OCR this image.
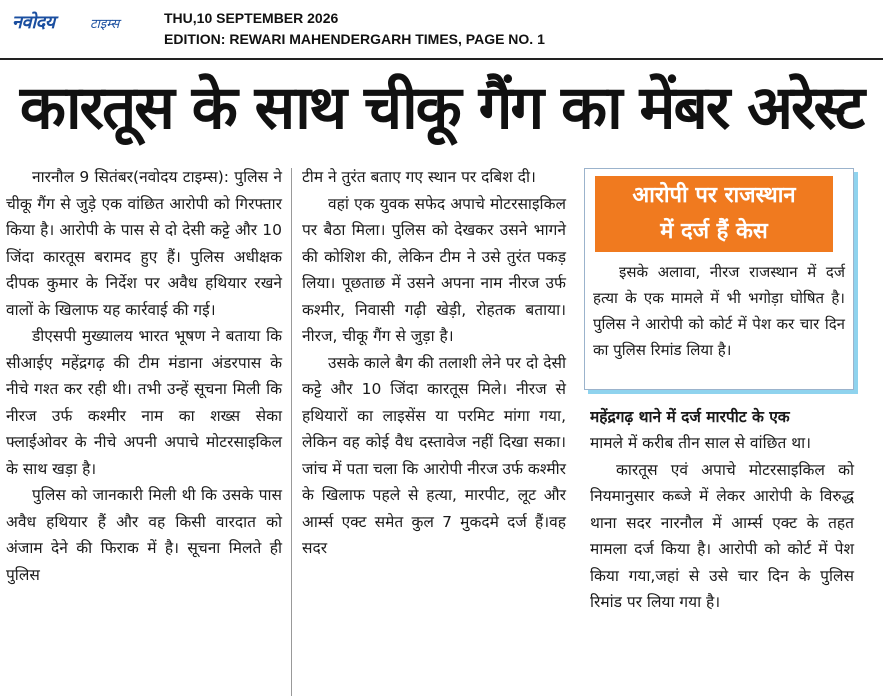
नवोदय	टाइम्स	THU,10 SEPTEMBER 2026
EDITION: REWARI MAHENDERGARH TIMES, PAGE NO. 1
कारतूस के साथ चीकू गैंग का मेंबर अरेस्ट

नारनौल 9 सितंबर(नवोदय टाइम्स): पुलिस ने चीकू गैंग से जुड़े एक वांछित आरोपी को गिरफ्तार किया है। आरोपी के पास से दो देसी कट्टे और 10 जिंदा कारतूस बरामद हुए हैं। पुलिस अधीक्षक दीपक कुमार के निर्देश पर अवैध हथियार रखने वालों के खिलाफ यह कार्रवाई की गई।

डीएसपी मुख्यालय भारत भूषण ने बताया कि सीआईए महेंद्रगढ़ की टीम मंडाना अंडरपास के नीचे गश्त कर रही थी। तभी उन्हें सूचना मिली कि नीरज उर्फ कश्मीर नाम का शख्स सेका फ्लाईओवर के नीचे अपनी अपाचे मोटरसाइकिल के साथ खड़ा है।

पुलिस को जानकारी मिली थी कि उसके पास अवैध हथियार हैं और वह किसी वारदात को अंजाम देने की फिराक में है। सूचना मिलते ही पुलिस

टीम ने तुरंत बताए गए स्थान पर दबिश दी।

वहां एक युवक सफेद अपाचे मोटरसाइकिल पर बैठा मिला। पुलिस को देखकर उसने भागने की कोशिश की, लेकिन टीम ने उसे तुरंत पकड़ लिया। पूछताछ में उसने अपना नाम नीरज उर्फ कश्मीर, निवासी गढ़ी खेड़ी, रोहतक बताया। नीरज, चीकू गैंग से जुड़ा है।

उसके काले बैग की तलाशी लेने पर दो देसी कट्टे और 10 जिंदा कारतूस मिले। नीरज से हथियारों का लाइसेंस या परमिट मांगा गया, लेकिन वह कोई वैध दस्तावेज नहीं दिखा सका।जांच में पता चला कि आरोपी नीरज उर्फ कश्मीर के खिलाफ पहले से हत्या, मारपीट, लूट और आर्म्स एक्ट समेत कुल 7 मुकदमे दर्ज हैं।वह सदर

आरोपी पर राजस्थान
में दर्ज हैं केस

इसके अलावा, नीरज राजस्थान में दर्ज हत्या के एक मामले में भी भगोड़ा घोषित है। पुलिस ने आरोपी को कोर्ट में पेश कर चार दिन का पुलिस रिमांड लिया है।

महेंद्रगढ़ थाने में दर्ज मारपीट के एक

मामले में करीब तीन साल से वांछित था।

कारतूस एवं अपाचे मोटरसाइकिल को नियमानुसार कब्जे में लेकर आरोपी के विरुद्ध थाना सदर नारनौल में आर्म्स एक्ट के तहत मामला दर्ज किया है। आरोपी को कोर्ट में पेश किया गया,जहां से उसे चार दिन के पुलिस रिमांड पर लिया गया है।
